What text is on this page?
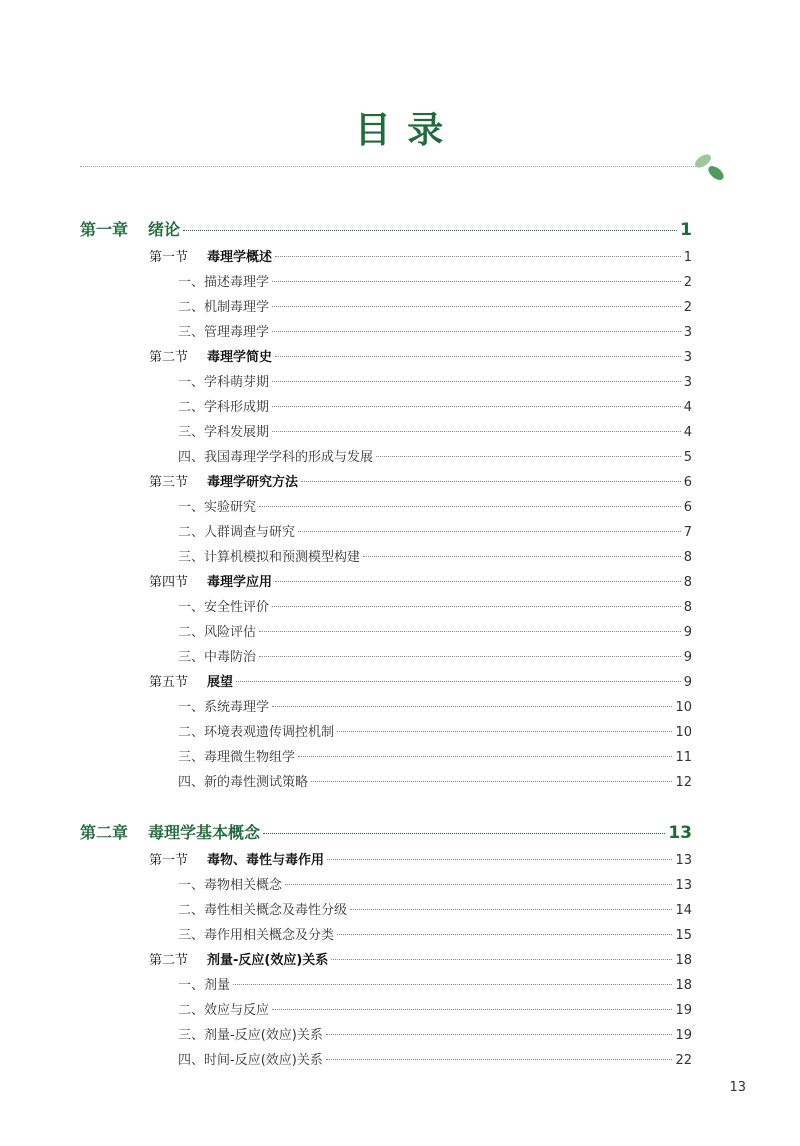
目 录
第一章	绪论	1
第一节	毒理学概述	1
一、描述毒理学	2
二、机制毒理学	2
三、管理毒理学	3
第二节	毒理学简史	3
一、学科萌芽期	3
二、学科形成期	4
三、学科发展期	4
四、我国毒理学学科的形成与发展	5
第三节	毒理学研究方法	6
一、实验研究	6
二、人群调查与研究	7
三、计算机模拟和预测模型构建	8
第四节	毒理学应用	8
一、安全性评价	8
二、风险评估	9
三、中毒防治	9
第五节	展望	9
一、系统毒理学	10
二、环境表观遗传调控机制	10
三、毒理微生物组学	11
四、新的毒性测试策略	12
第二章	毒理学基本概念	13
第一节	毒物、毒性与毒作用	13
一、毒物相关概念	13
二、毒性相关概念及毒性分级	14
三、毒作用相关概念及分类	15
第二节	剂量-反应(效应)关系	18
一、剂量	18
二、效应与反应	19
三、剂量-反应(效应)关系	19
四、时间-反应(效应)关系	22
13
